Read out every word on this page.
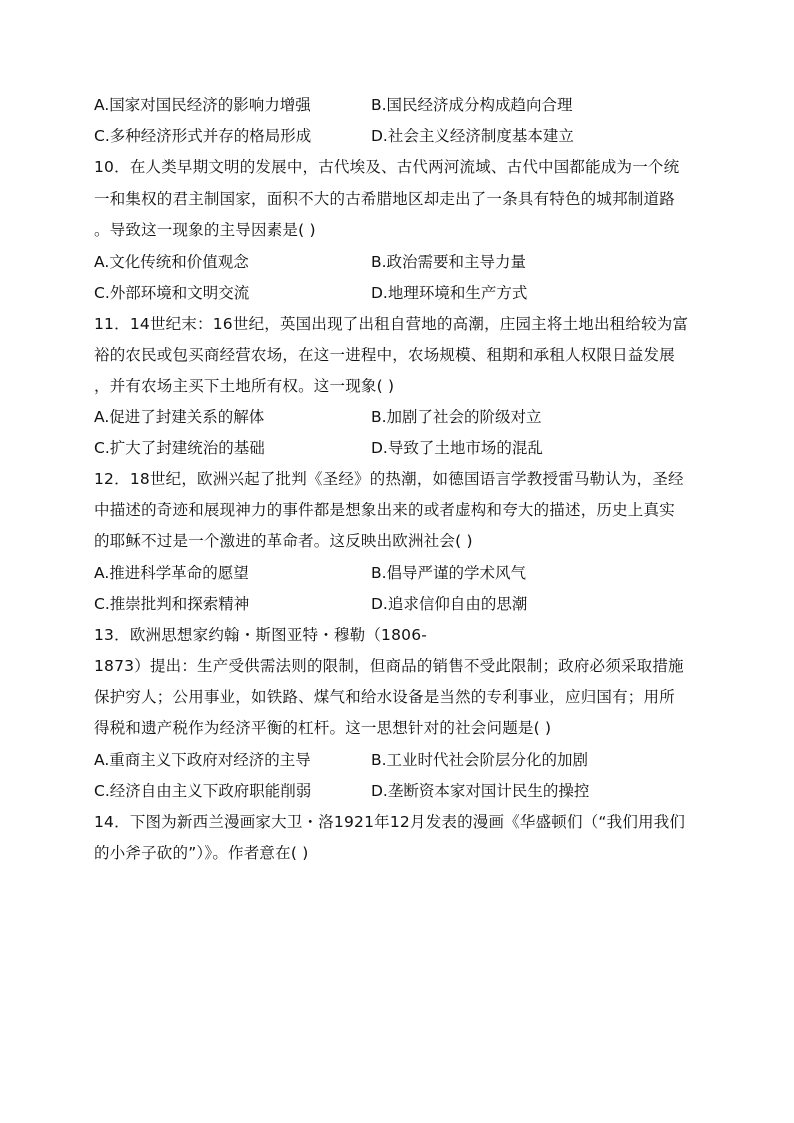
A.国家对国民经济的影响力增强	B.国民经济成分构成趋向合理
C.多种经济形式并存的格局形成	D.社会主义经济制度基本建立
10．在人类早期文明的发展中，古代埃及、古代两河流域、古代中国都能成为一个统
一和集权的君主制国家，面积不大的古希腊地区却走出了一条具有特色的城邦制道路
。导致这一现象的主导因素是( )
A.文化传统和价值观念	B.政治需要和主导力量
C.外部环境和文明交流	D.地理环境和生产方式
11．14世纪末：16世纪，英国出现了出租自营地的高潮，庄园主将土地出租给较为富
裕的农民或包买商经营农场，在这一进程中，农场规模、租期和承租人权限日益发展
，并有农场主买下土地所有权。这一现象( )
A.促进了封建关系的解体	B.加剧了社会的阶级对立
C.扩大了封建统治的基础	D.导致了土地市场的混乱
12．18世纪，欧洲兴起了批判《圣经》的热潮，如德国语言学教授雷马勒认为，圣经
中描述的奇迹和展现神力的事件都是想象出来的或者虚构和夸大的描述，历史上真实
的耶稣不过是一个激进的革命者。这反映出欧洲社会( )
A.推进科学革命的愿望	B.倡导严谨的学术风气
C.推崇批判和探索精神	D.追求信仰自由的思潮
13．欧洲思想家约翰・斯图亚特・穆勒（1806-
1873）提出：生产受供需法则的限制，但商品的销售不受此限制；政府必须采取措施
保护穷人；公用事业，如铁路、煤气和给水设备是当然的专利事业，应归国有；用所
得税和遗产税作为经济平衡的杠杆。这一思想针对的社会问题是( )
A.重商主义下政府对经济的主导	B.工业时代社会阶层分化的加剧
C.经济自由主义下政府职能削弱	D.垄断资本家对国计民生的操控
14．下图为新西兰漫画家大卫・洛1921年12月发表的漫画《华盛顿们（“我们用我们
的小斧子砍的”）》。作者意在( )
